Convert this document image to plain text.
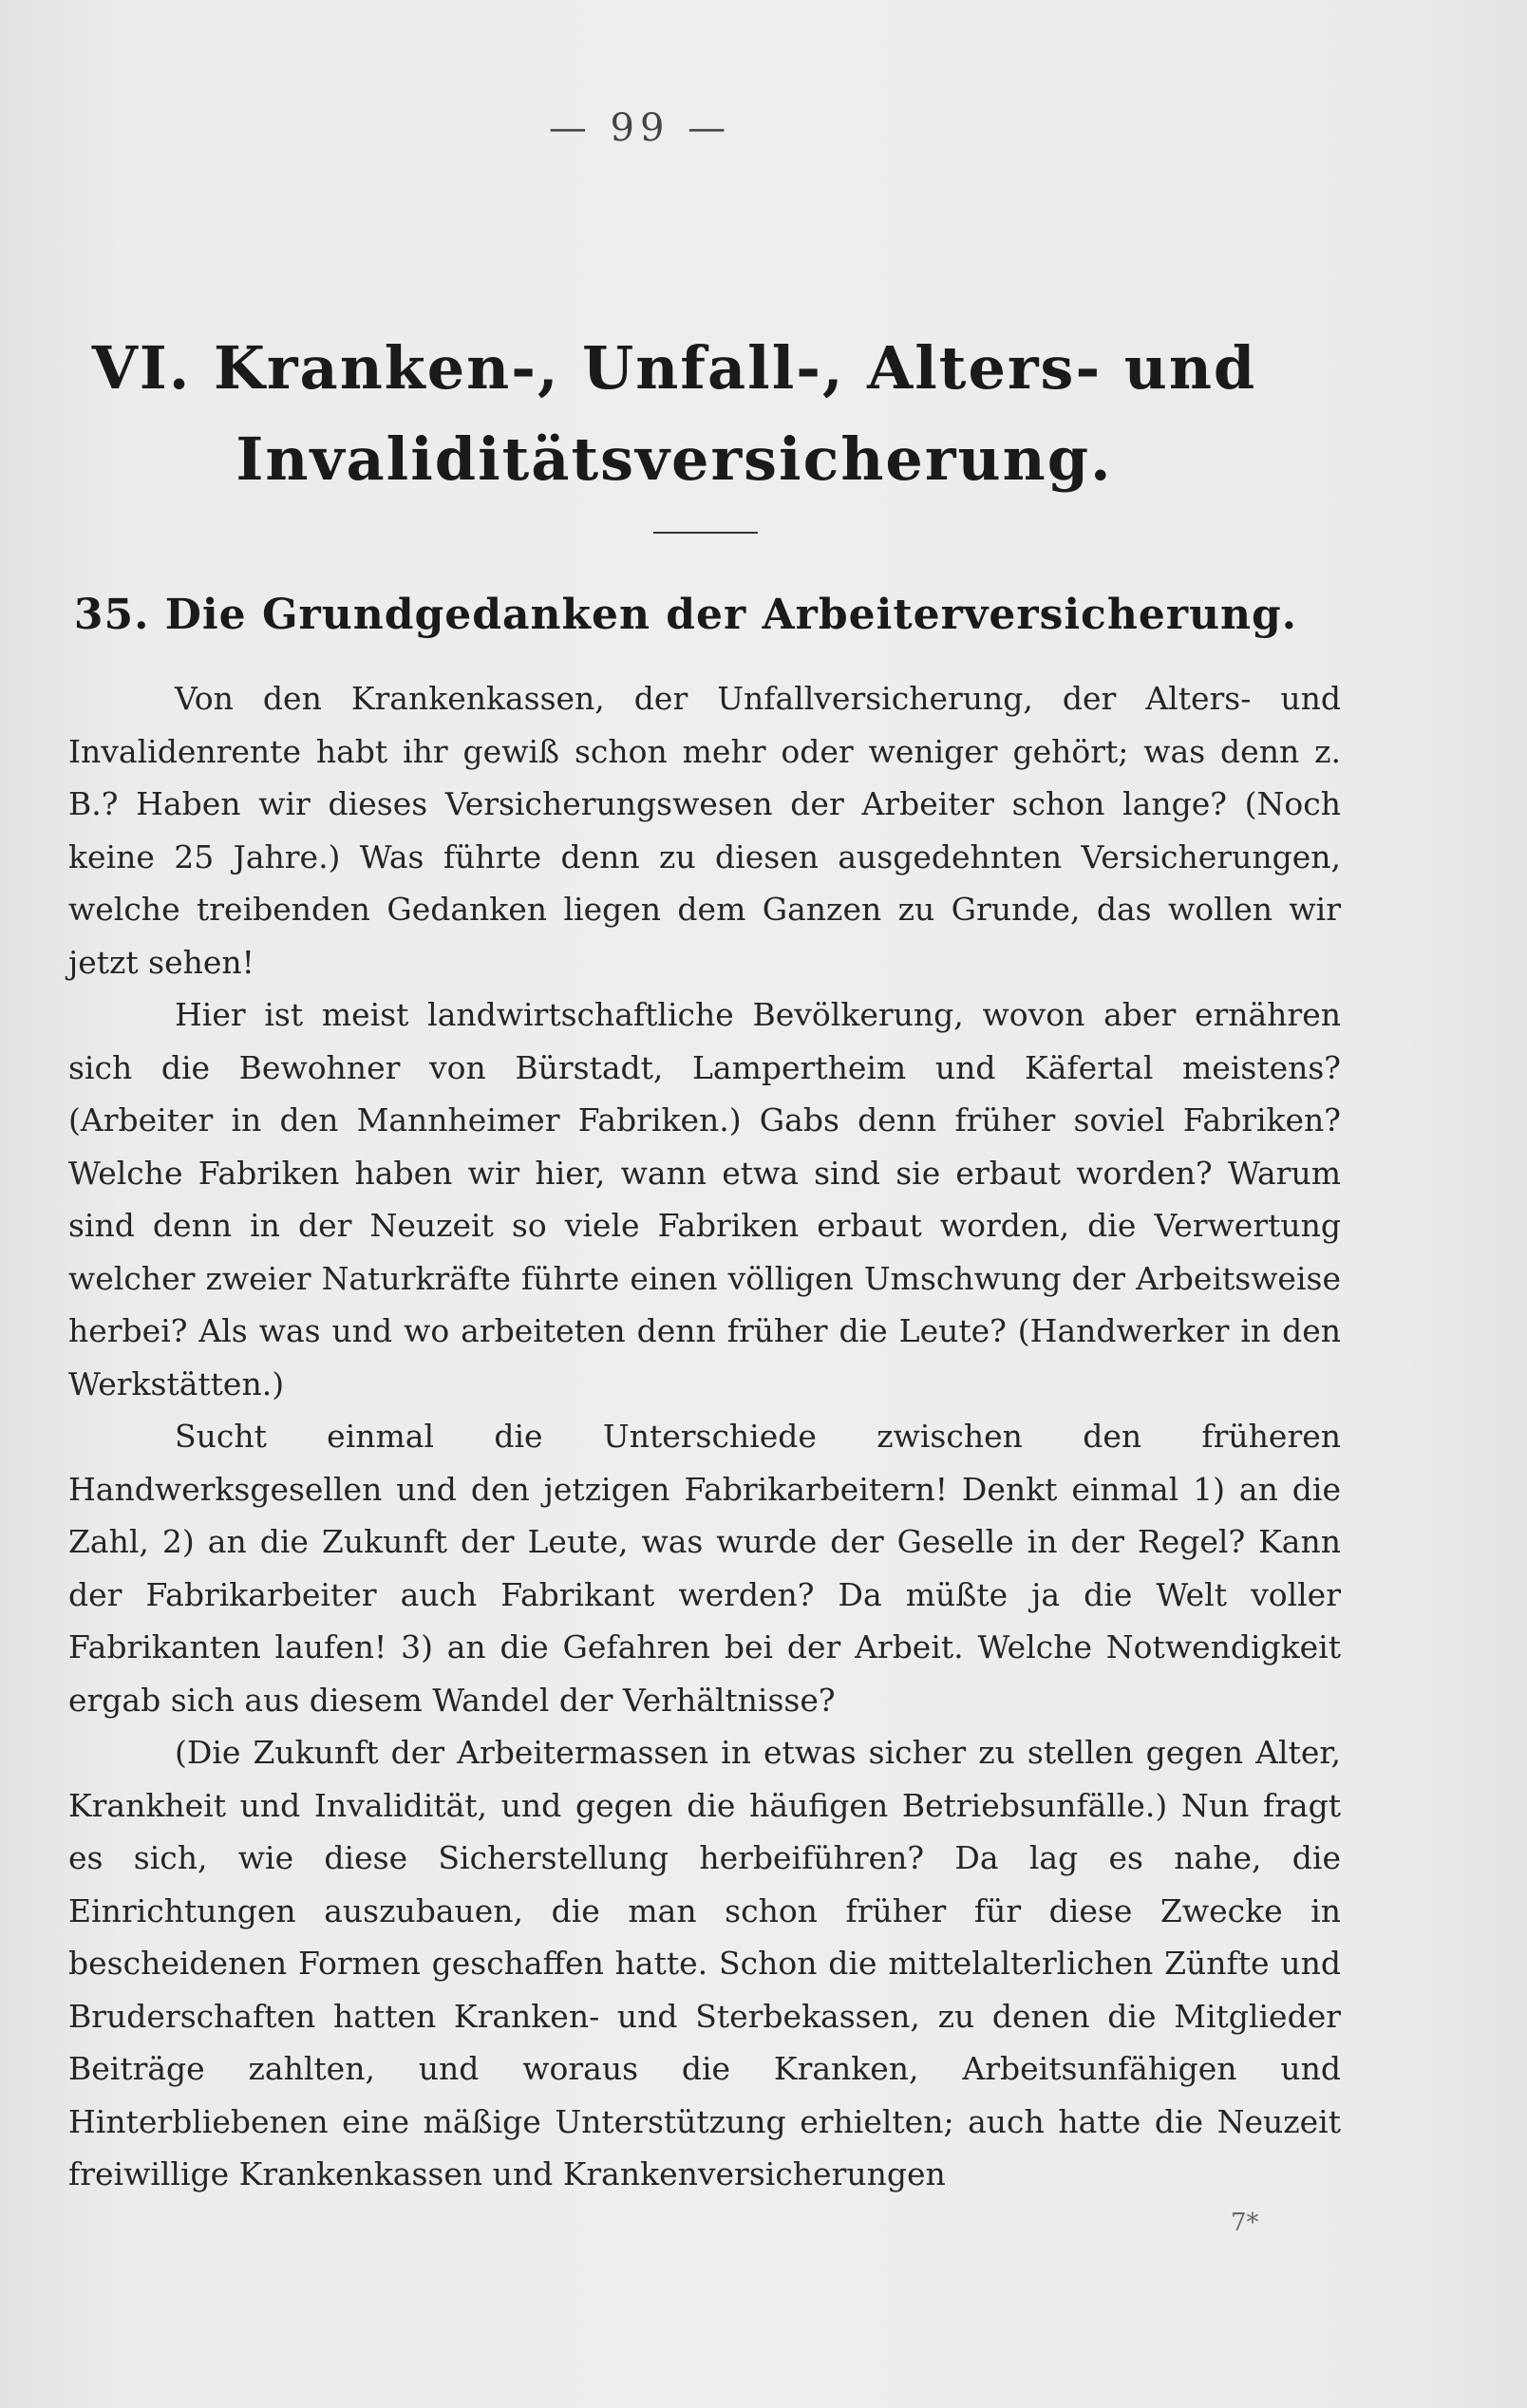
— 99 —
VI. Kranken-, Unfall-, Alters- und Invaliditätsversicherung.
35. Die Grundgedanken der Arbeiterversicherung.

Von den Krankenkassen, der Unfallversicherung, der Alters- und Invalidenrente habt ihr gewiß schon mehr oder weniger gehört; was denn z. B.? Haben wir dieses Versicherungswesen der Arbeiter schon lange? (Noch keine 25 Jahre.) Was führte denn zu diesen ausgedehnten Versicherungen, welche treibenden Gedanken liegen dem Ganzen zu Grunde, das wollen wir jetzt sehen!

Hier ist meist landwirtschaftliche Bevölkerung, wovon aber ernähren sich die Bewohner von Bürstadt, Lampertheim und Käfertal meistens? (Arbeiter in den Mannheimer Fabriken.) Gabs denn früher soviel Fabriken? Welche Fabriken haben wir hier, wann etwa sind sie erbaut worden? Warum sind denn in der Neuzeit so viele Fabriken erbaut worden, die Verwertung welcher zweier Naturkräfte führte einen völligen Umschwung der Arbeitsweise herbei? Als was und wo arbeiteten denn früher die Leute? (Handwerker in den Werkstätten.)

Sucht einmal die Unterschiede zwischen den früheren Handwerksgesellen und den jetzigen Fabrikarbeitern! Denkt einmal 1) an die Zahl, 2) an die Zukunft der Leute, was wurde der Geselle in der Regel? Kann der Fabrikarbeiter auch Fabrikant werden? Da müßte ja die Welt voller Fabrikanten laufen! 3) an die Gefahren bei der Arbeit. Welche Notwendigkeit ergab sich aus diesem Wandel der Verhältnisse?

(Die Zukunft der Arbeitermassen in etwas sicher zu stellen gegen Alter, Krankheit und Invalidität, und gegen die häufigen Betriebsunfälle.) Nun fragt es sich, wie diese Sicherstellung herbeiführen? Da lag es nahe, die Einrichtungen auszubauen, die man schon früher für diese Zwecke in bescheidenen Formen geschaffen hatte. Schon die mittelalterlichen Zünfte und Bruderschaften hatten Kranken- und Sterbekassen, zu denen die Mitglieder Beiträge zahlten, und woraus die Kranken, Arbeitsunfähigen und Hinterbliebenen eine mäßige Unterstützung erhielten; auch hatte die Neuzeit freiwillige Krankenkassen und Krankenversicherungen

7*
